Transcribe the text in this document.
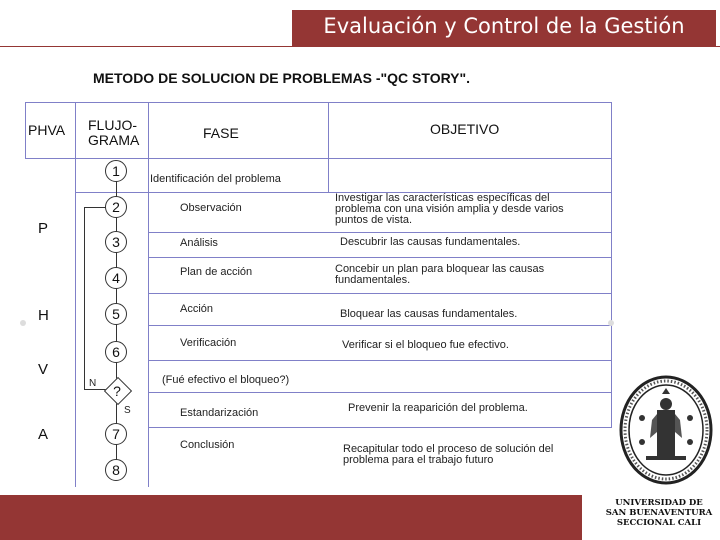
Evaluación y Control de la Gestión
METODO DE SOLUCION DE PROBLEMAS -"QC STORY".
PHVA FLUJO-
GRAMA	FASE	OBJETIVO
P
H
V
A
1
2
3
4
5
6
?
N
S
7
8
Identificación del problema
Observación
Análisis
Plan de acción
Acción
Verificación
(Fué efectivo el bloqueo?)
Estandarización
Conclusión
Investigar las características específicas del
problema con una visión amplia y desde varios
puntos de vista.
Descubrir las causas fundamentales.
Concebir un plan para bloquear las causas
fundamentales.
Bloquear las causas fundamentales.
Verificar si el bloqueo fue efectivo.
Prevenir la reaparición del problema.
Recapitular todo el proceso de solución del
problema para el trabajo futuro
UNIVERSIDAD DE
SAN BUENAVENTURA
SECCIONAL CALI
